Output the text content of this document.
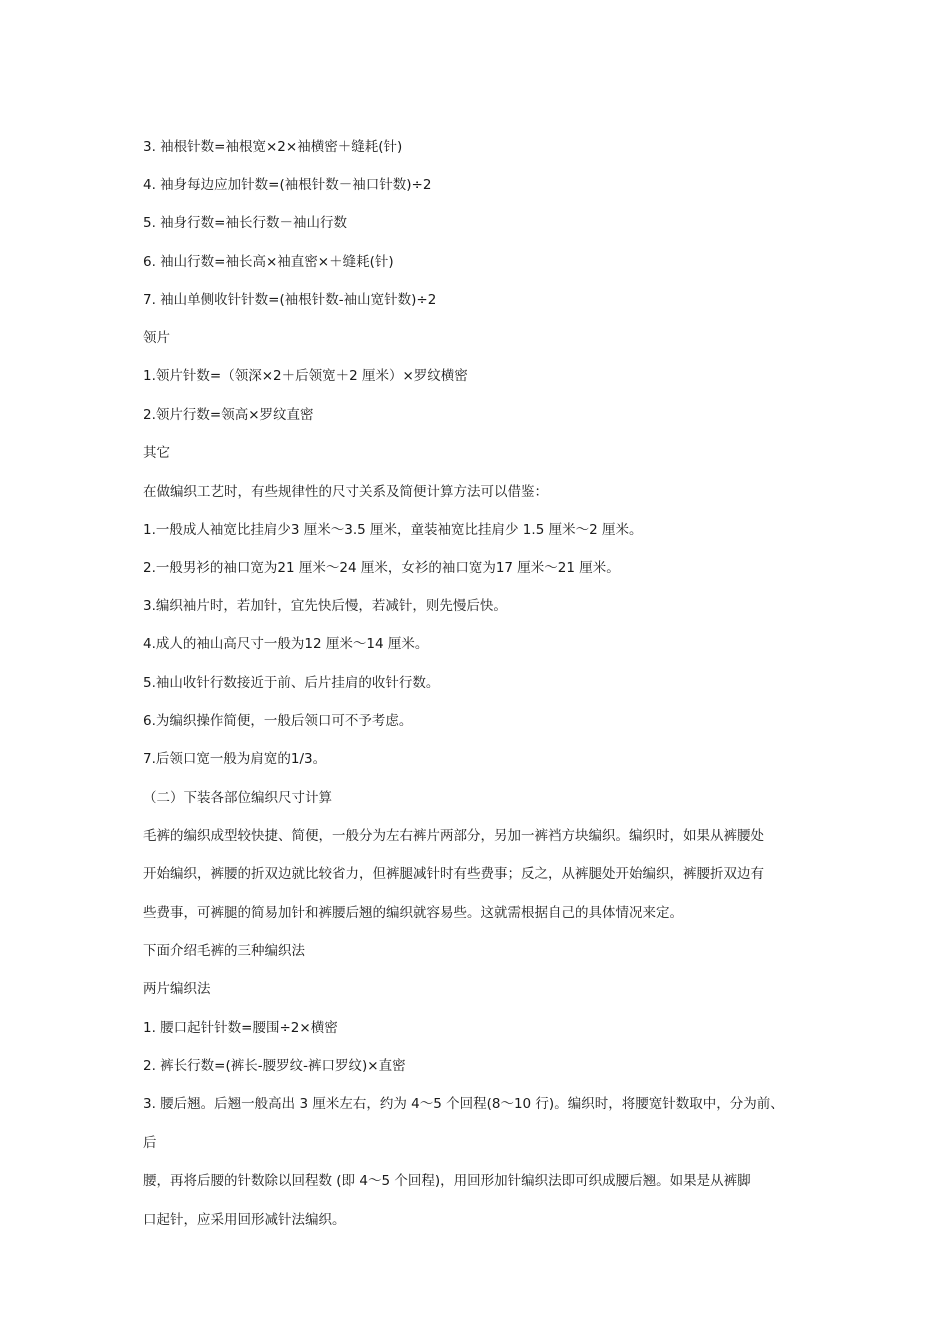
3. 袖根针数=袖根宽×2×袖横密＋缝耗(针)
4. 袖身每边应加针数=(袖根针数－袖口针数)÷2
5. 袖身行数=袖长行数－袖山行数
6. 袖山行数=袖长高×袖直密×＋缝耗(针)
7. 袖山单侧收针针数=(袖根针数-袖山宽针数)÷2
领片
1.领片针数=（领深×2＋后领宽＋2 厘米）×罗纹横密
2.领片行数=领高×罗纹直密
其它
在做编织工艺时，有些规律性的尺寸关系及简便计算方法可以借鉴：
1.一般成人袖宽比挂肩少3 厘米～3.5 厘米，童装袖宽比挂肩少 1.5 厘米～2 厘米。
2.一般男衫的袖口宽为21 厘米～24 厘米，女衫的袖口宽为17 厘米～21 厘米。
3.编织袖片时，若加针，宜先快后慢，若减针，则先慢后快。
4.成人的袖山高尺寸一般为12 厘米～14 厘米。
5.袖山收针行数接近于前、后片挂肩的收针行数。
6.为编织操作简便，一般后领口可不予考虑。
7.后领口宽一般为肩宽的1/3。
（二）下装各部位编织尺寸计算
毛裤的编织成型较快捷、简便，一般分为左右裤片两部分，另加一裤裆方块编织。编织时，如果从裤腰处
开始编织，裤腰的折双边就比较省力，但裤腿减针时有些费事；反之，从裤腿处开始编织，裤腰折双边有
些费事，可裤腿的简易加针和裤腰后翘的编织就容易些。这就需根据自己的具体情况来定。
下面介绍毛裤的三种编织法
两片编织法
1. 腰口起针针数=腰围÷2×横密
2. 裤长行数=(裤长-腰罗纹-裤口罗纹)×直密
3. 腰后翘。后翘一般高出 3 厘米左右，约为 4～5 个回程(8～10 行)。编织时，将腰宽针数取中，分为前、
后
腰，再将后腰的针数除以回程数 (即 4～5 个回程)，用回形加针编织法即可织成腰后翘。如果是从裤脚
口起针，应采用回形减针法编织。
